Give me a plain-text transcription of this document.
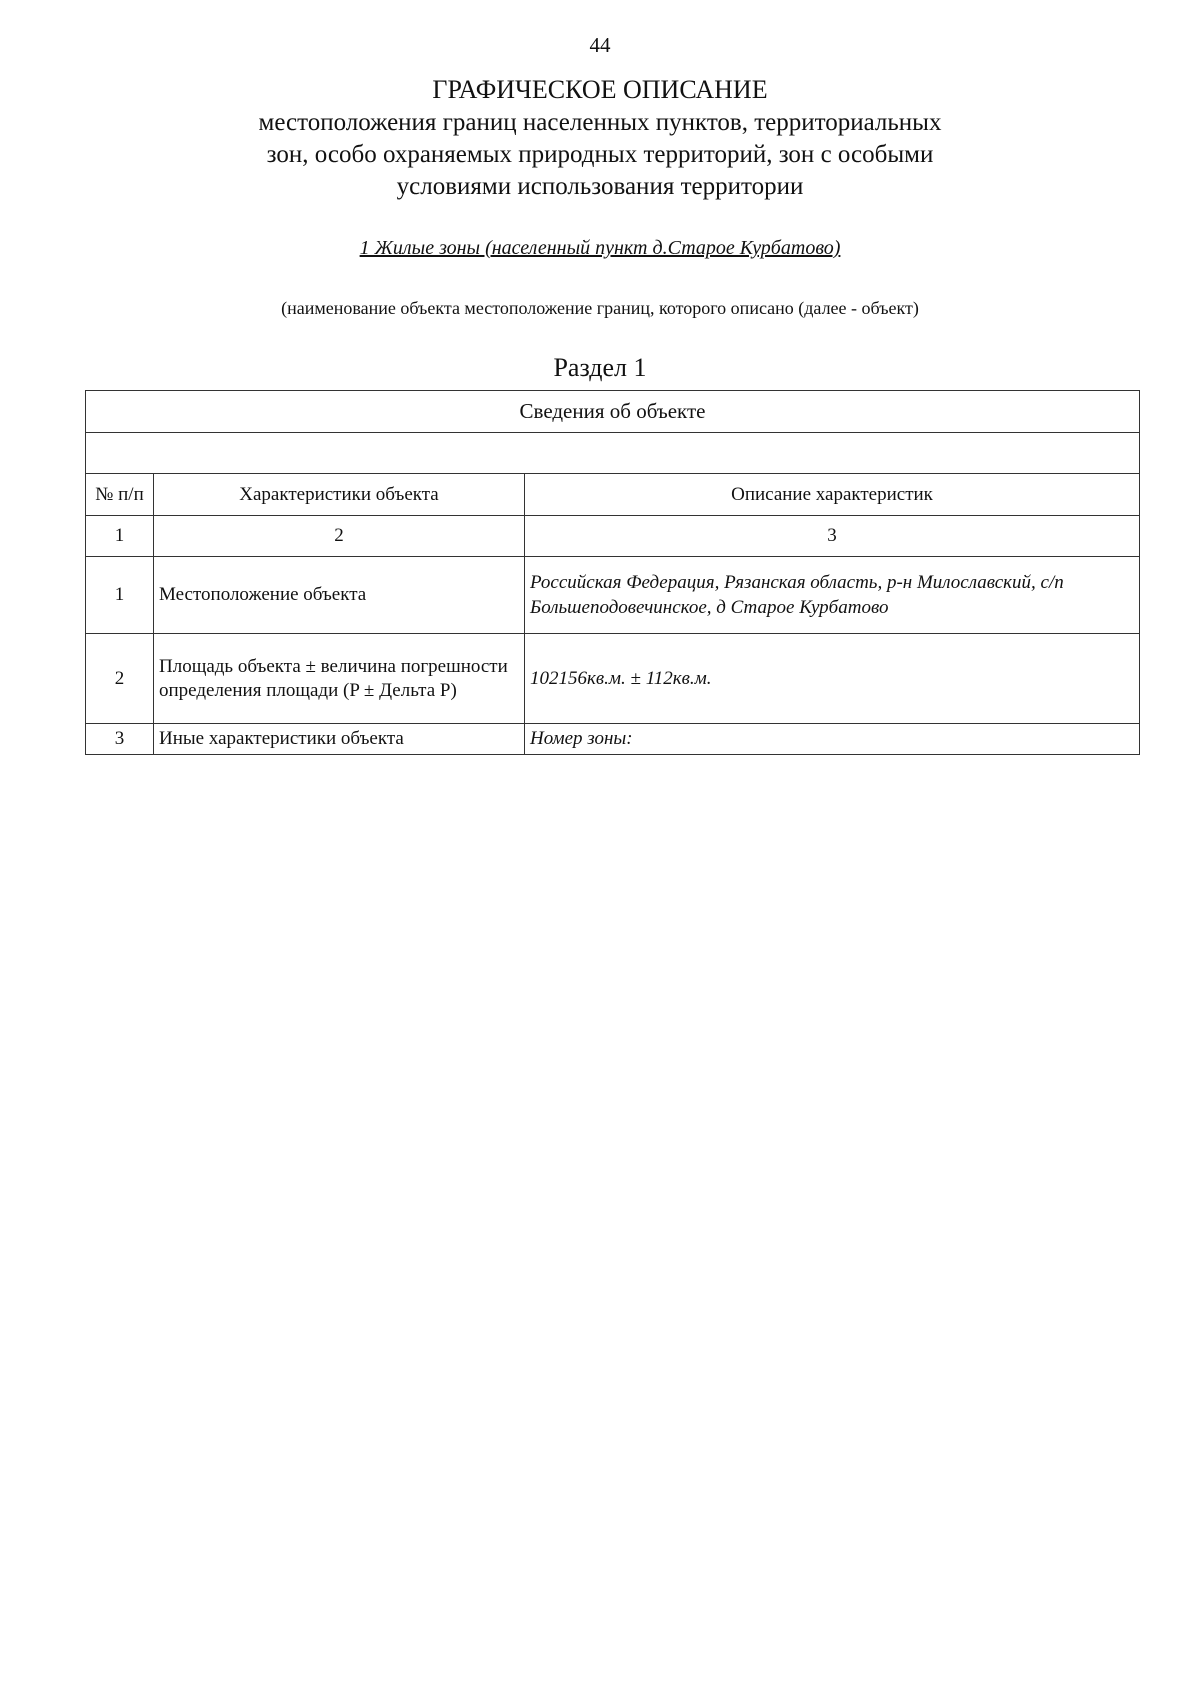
44
ГРАФИЧЕСКОЕ ОПИСАНИЕ
местоположения границ населенных пунктов, территориальных
зон, особо охраняемых природных территорий, зон с особыми
условиями использования территории
1 Жилые зоны (населенный пункт д.Старое Курбатово)
(наименование объекта местоположение границ, которого описано (далее - объект)
Раздел 1
Сведения об объекте		

№ п/п	Характеристики объекта	Описание характеристик
1	2	3
1	Местоположение объекта	Российская Федерация, Рязанская область, р-н Милославский, с/п Большеподовечинское, д Старое Курбатово
2	Площадь объекта ± величина погрешности определения площади (P ± Дельта P)	102156кв.м. ± 112кв.м.
3	Иные характеристики объекта	Номер зоны:
